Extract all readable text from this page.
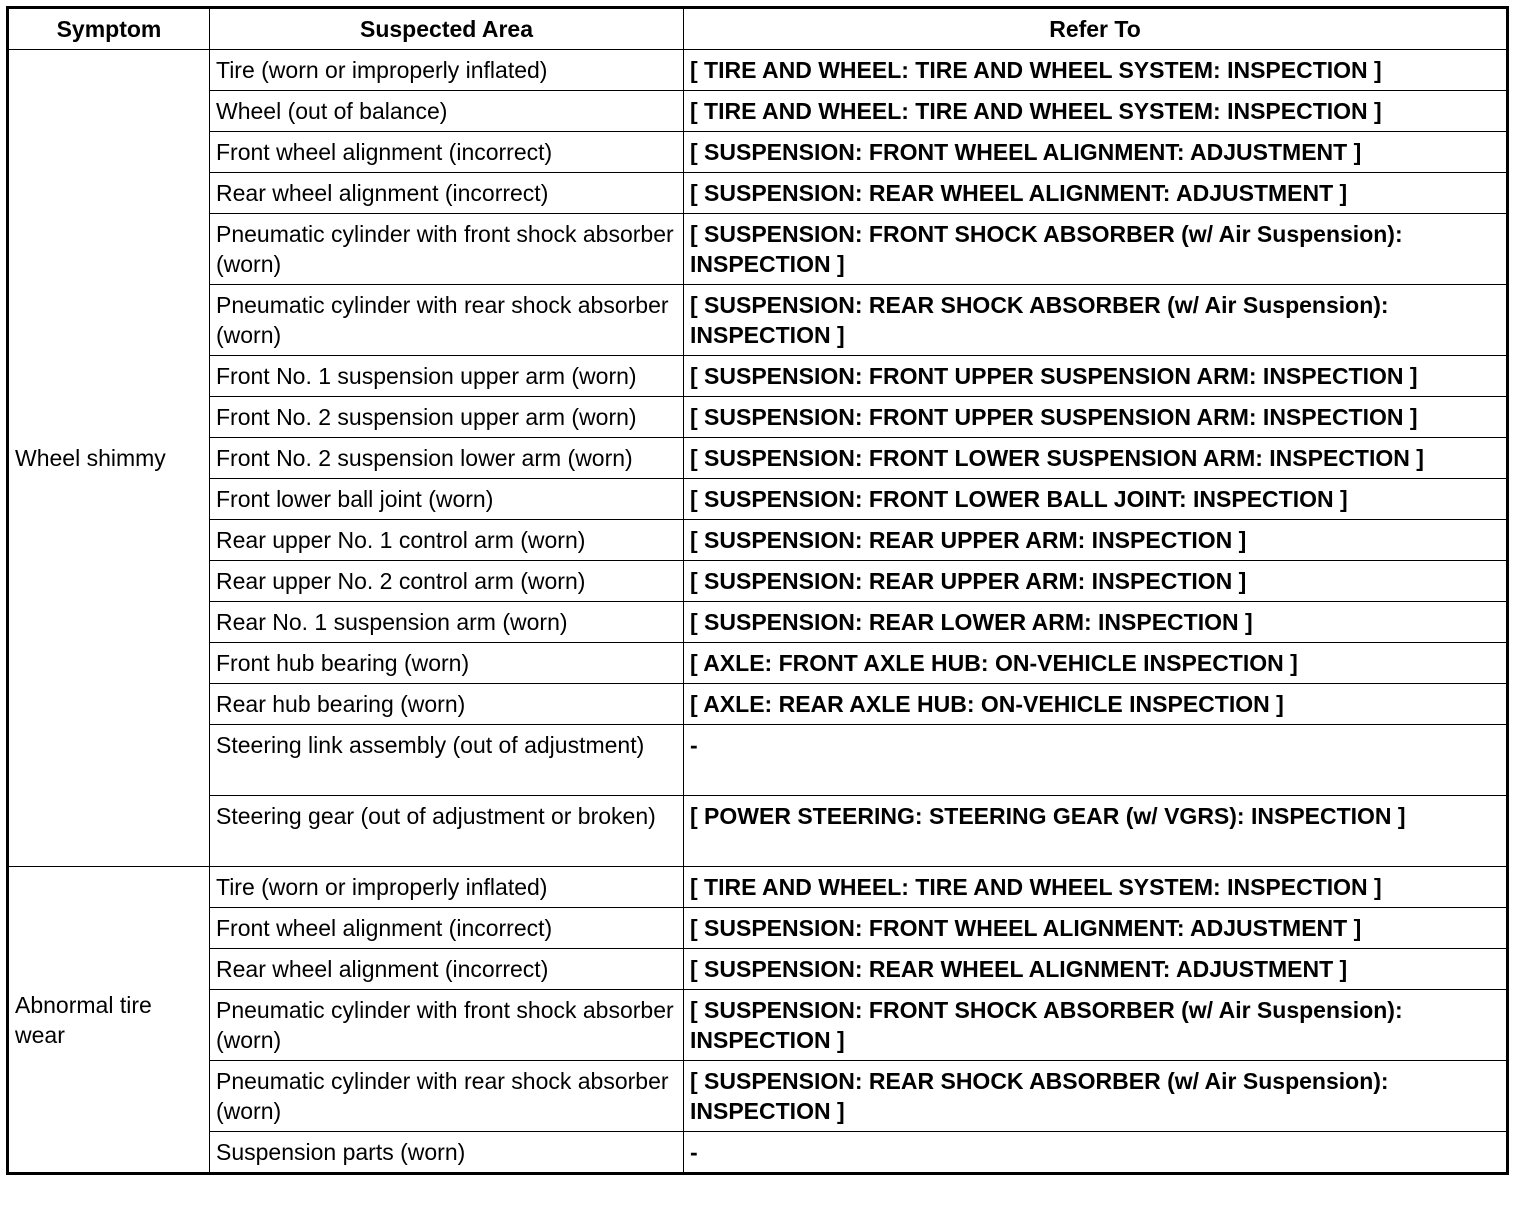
Symptom	Suspected Area	Refer To
Wheel shimmy	Tire (worn or improperly inflated)	[ TIRE AND WHEEL: TIRE AND WHEEL SYSTEM: INSPECTION ]
	Wheel (out of balance)	[ TIRE AND WHEEL: TIRE AND WHEEL SYSTEM: INSPECTION ]
	Front wheel alignment (incorrect)	[ SUSPENSION: FRONT WHEEL ALIGNMENT: ADJUSTMENT ]
	Rear wheel alignment (incorrect)	[ SUSPENSION: REAR WHEEL ALIGNMENT: ADJUSTMENT ]
	Pneumatic cylinder with front shock absorber (worn)	[ SUSPENSION: FRONT SHOCK ABSORBER (w/ Air Suspension): INSPECTION ]
	Pneumatic cylinder with rear shock absorber (worn)	[ SUSPENSION: REAR SHOCK ABSORBER (w/ Air Suspension): INSPECTION ]
	Front No. 1 suspension upper arm (worn)	[ SUSPENSION: FRONT UPPER SUSPENSION ARM: INSPECTION ]
	Front No. 2 suspension upper arm (worn)	[ SUSPENSION: FRONT UPPER SUSPENSION ARM: INSPECTION ]
	Front No. 2 suspension lower arm (worn)	[ SUSPENSION: FRONT LOWER SUSPENSION ARM: INSPECTION ]
	Front lower ball joint (worn)	[ SUSPENSION: FRONT LOWER BALL JOINT: INSPECTION ]
	Rear upper No. 1 control arm (worn)	[ SUSPENSION: REAR UPPER ARM: INSPECTION ]
	Rear upper No. 2 control arm (worn)	[ SUSPENSION: REAR UPPER ARM: INSPECTION ]
	Rear No. 1 suspension arm (worn)	[ SUSPENSION: REAR LOWER ARM: INSPECTION ]
	Front hub bearing (worn)	[ AXLE: FRONT AXLE HUB: ON-VEHICLE INSPECTION ]
	Rear hub bearing (worn)	[ AXLE: REAR AXLE HUB: ON-VEHICLE INSPECTION ]
	Steering link assembly (out of adjustment)	-
	Steering gear (out of adjustment or broken)	[ POWER STEERING: STEERING GEAR (w/ VGRS): INSPECTION ]
Abnormal tire wear	Tire (worn or improperly inflated)	[ TIRE AND WHEEL: TIRE AND WHEEL SYSTEM: INSPECTION ]
	Front wheel alignment (incorrect)	[ SUSPENSION: FRONT WHEEL ALIGNMENT: ADJUSTMENT ]
	Rear wheel alignment (incorrect)	[ SUSPENSION: REAR WHEEL ALIGNMENT: ADJUSTMENT ]
	Pneumatic cylinder with front shock absorber (worn)	[ SUSPENSION: FRONT SHOCK ABSORBER (w/ Air Suspension): INSPECTION ]
	Pneumatic cylinder with rear shock absorber (worn)	[ SUSPENSION: REAR SHOCK ABSORBER (w/ Air Suspension): INSPECTION ]
	Suspension parts (worn)	-
